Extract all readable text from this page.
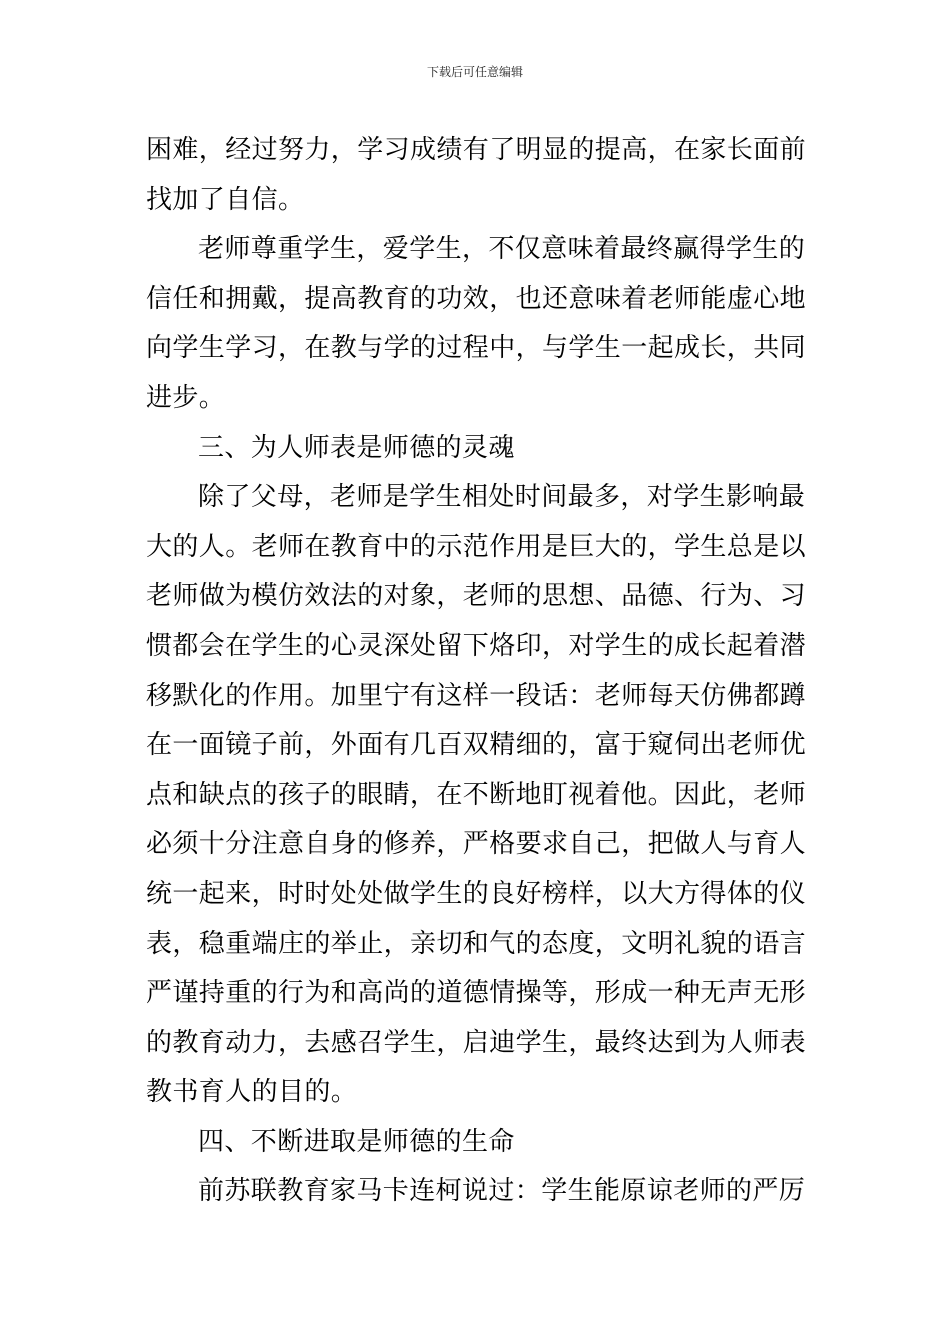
下载后可任意编辑
困难，经过努力，学习成绩有了明显的提高，在家长面前
找加了自信。
老师尊重学生，爱学生，不仅意味着最终赢得学生的
信任和拥戴，提高教育的功效，也还意味着老师能虚心地
向学生学习，在教与学的过程中，与学生一起成长，共同
进步。
三、为人师表是师德的灵魂
除了父母，老师是学生相处时间最多，对学生影响最
大的人。老师在教育中的示范作用是巨大的，学生总是以
老师做为模仿效法的对象，老师的思想、品德、行为、习
惯都会在学生的心灵深处留下烙印，对学生的成长起着潜
移默化的作用。加里宁有这样一段话：老师每天仿佛都蹲
在一面镜子前，外面有几百双精细的，富于窥伺出老师优
点和缺点的孩子的眼睛，在不断地盯视着他。因此，老师
必须十分注意自身的修养，严格要求自己，把做人与育人
统一起来，时时处处做学生的良好榜样，以大方得体的仪
表，稳重端庄的举止，亲切和气的态度，文明礼貌的语言
严谨持重的行为和高尚的道德情操等，形成一种无声无形
的教育动力，去感召学生，启迪学生，最终达到为人师表
教书育人的目的。
四、不断进取是师德的生命
前苏联教育家马卡连柯说过：学生能原谅老师的严厉
